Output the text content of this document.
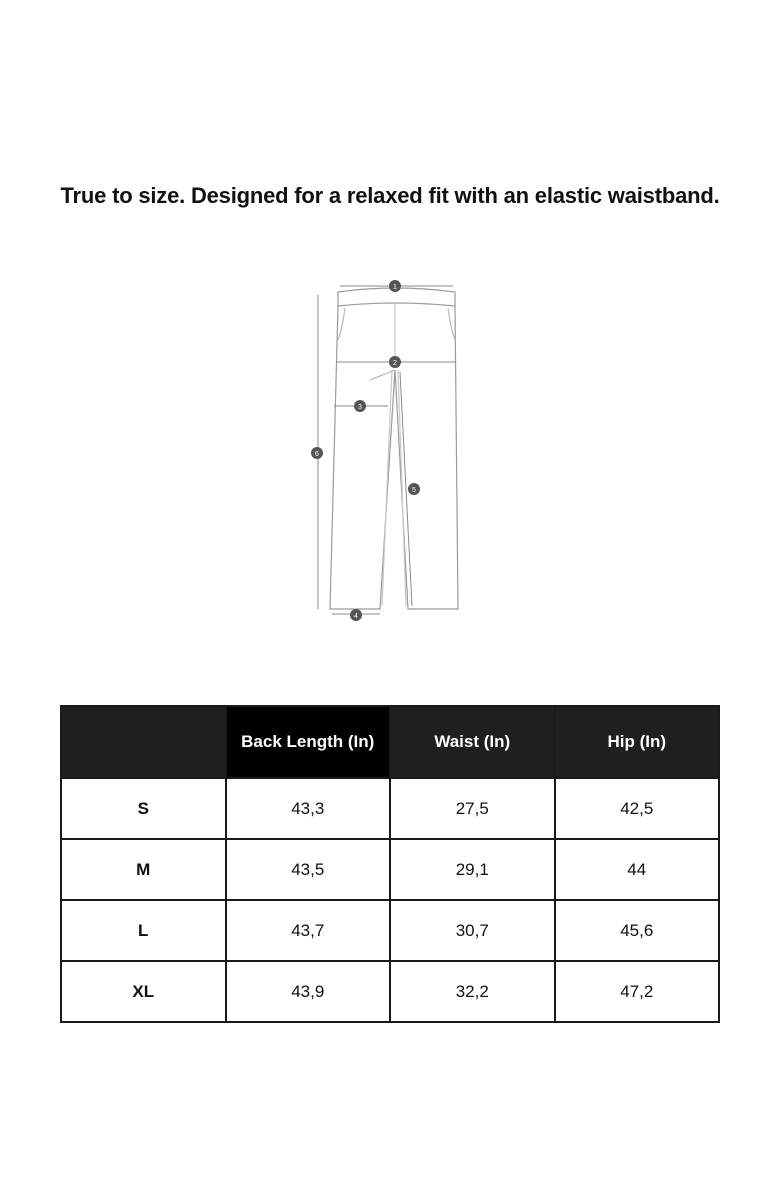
True to size. Designed for a relaxed fit with an elastic waistband.
1
2
3
4
5
6
	Back Length (In)	Waist (In)	Hip (In)
S	43,3	27,5	42,5
M	43,5	29,1	44
L	43,7	30,7	45,6
XL	43,9	32,2	47,2
